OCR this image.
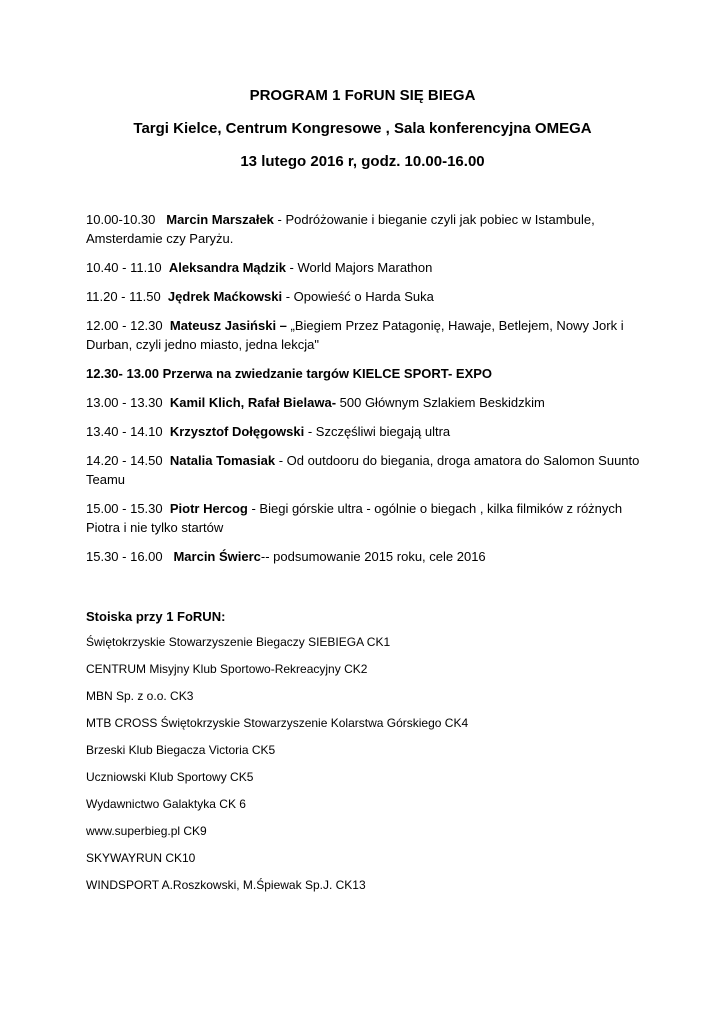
PROGRAM 1 FoRUN SIĘ BIEGA
Targi Kielce, Centrum Kongresowe , Sala konferencyjna OMEGA
13 lutego 2016 r, godz. 10.00-16.00
10.00-10.30 Marcin Marszałek - Podróżowanie i bieganie czyli jak pobiec w Istambule, Amsterdamie czy Paryżu.
10.40 - 11.10 Aleksandra Mądzik - World Majors Marathon
11.20 - 11.50 Jędrek Maćkowski - Opowieść o Harda Suka
12.00 - 12.30 Mateusz Jasiński – „Biegiem Przez Patagonię, Hawaje, Betlejem, Nowy Jork i Durban, czyli jedno miasto, jedna lekcja"
12.30- 13.00 Przerwa na zwiedzanie targów KIELCE SPORT- EXPO
13.00 - 13.30 Kamil Klich, Rafał Bielawa- 500 Głównym Szlakiem Beskidzkim
13.40 - 14.10 Krzysztof Dołęgowski - Szczęśliwi biegają ultra
14.20 - 14.50 Natalia Tomasiak - Od outdooru do biegania, droga amatora do Salomon Suunto Teamu
15.00 - 15.30 Piotr Hercog - Biegi górskie ultra - ogólnie o biegach , kilka filmików z różnych Piotra i nie tylko startów
15.30 - 16.00 Marcin Świerc-- podsumowanie 2015 roku, cele 2016
Stoiska przy 1 FoRUN:
Świętokrzyskie Stowarzyszenie Biegaczy SIEBIEGA CK1
CENTRUM Misyjny Klub Sportowo-Rekreacyjny CK2
MBN Sp. z o.o. CK3
MTB CROSS Świętokrzyskie Stowarzyszenie Kolarstwa Górskiego CK4
Brzeski Klub Biegacza Victoria CK5
Uczniowski Klub Sportowy CK5
Wydawnictwo Galaktyka CK 6
www.superbieg.pl CK9
SKYWAYRUN CK10
WINDSPORT A.Roszkowski, M.Śpiewak Sp.J. CK13
